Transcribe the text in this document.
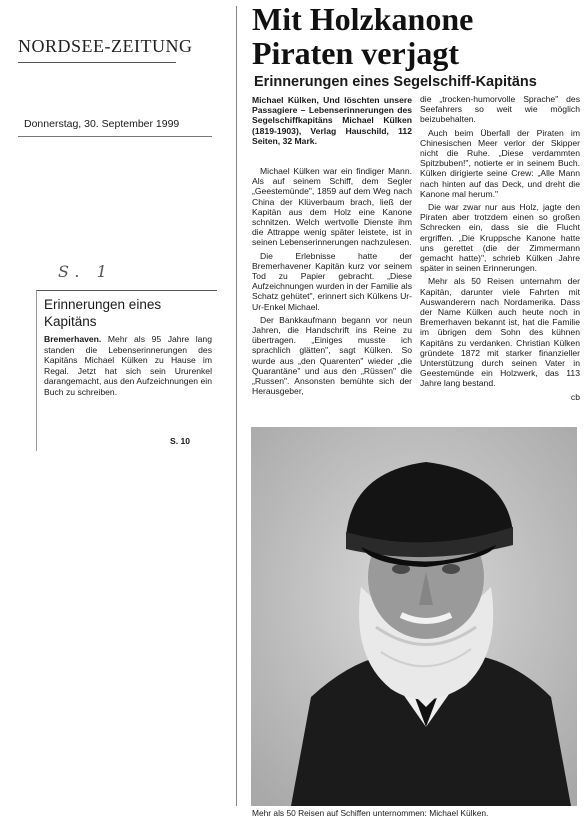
NORDSEE-ZEITUNG
Donnerstag, 30. September 1999
S. 1
Erinnerungen eines Kapitäns
Bremerhaven. Mehr als 95 Jahre lang standen die Lebenserinnerungen des Kapitäns Michael Külken zu Hause im Regal. Jetzt hat sich sein Ururenkel darangemacht, aus den Aufzeichnungen ein Buch zu schreiben.
S. 10
Mit Holzkanone
Piraten verjagt
Erinnerungen eines Segelschiff-Kapitäns
Michael Külken, Und löschten unsere Passagiere – Lebenserinnerungen des Segelschiffkapitäns Michael Külken (1819-1903), Verlag Hauschild, 112 Seiten, 32 Mark.

Michael Külken war ein findiger Mann. Als auf seinem Schiff, dem Segler „Geestemünde", 1859 auf dem Weg nach China der Klüverbaum brach, ließ der Kapitän aus dem Holz eine Kanone schnitzen. Welch wertvolle Dienste ihm die Attrappe wenig später leistete, ist in seinen Lebenserinnerungen nachzulesen.

Die Erlebnisse hatte der Bremerhavener Kapitän kurz vor seinem Tod zu Papier gebracht. „Diese Aufzeichnungen wurden in der Familie als Schatz gehütet", erinnert sich Külkens Ur-Ur-Enkel Michael.

Der Bankkaufmann begann vor neun Jahren, die Handschrift ins Reine zu übertragen. „Einiges musste ich sprachlich glätten", sagt Külken. So wurde aus „den Quarenten" wieder „die Quarantäne" und aus den „Rüssen" die „Russen". Ansonsten bemühte sich der Herausgeber,

die „trocken-humorvolle Sprache" des Seefahrers so weit wie möglich beizubehalten.

Auch beim Überfall der Piraten im Chinesischen Meer verlor der Skipper nicht die Ruhe. „Diese verdammten Spitzbuben!", notierte er in seinem Buch. Külken dirigierte seine Crew: „Alle Mann nach hinten auf das Deck, und dreht die Kanone mal herum."

Die war zwar nur aus Holz, jagte den Piraten aber trotzdem einen so großen Schrecken ein, dass sie die Flucht ergriffen. „Die Kruppsche Kanone hatte uns gerettet (die der Zimmermann gemacht hatte)", schrieb Külken Jahre später in seinen Erinnerungen.

Mehr als 50 Reisen unternahm der Kapitän, darunter viele Fahrten mit Auswanderern nach Nordamerika. Dass der Name Külken auch heute noch in Bremerhaven bekannt ist, hat die Familie im übrigen dem Sohn des kühnen Kapitäns zu verdanken. Christian Külken gründete 1872 mit starker finanzieller Unterstützung durch seinen Vater in Geestemünde ein Holzwerk, das 113 Jahre lang bestand.

cb
Mehr als 50 Reisen auf Schiffen unternommen: Michael Külken.
